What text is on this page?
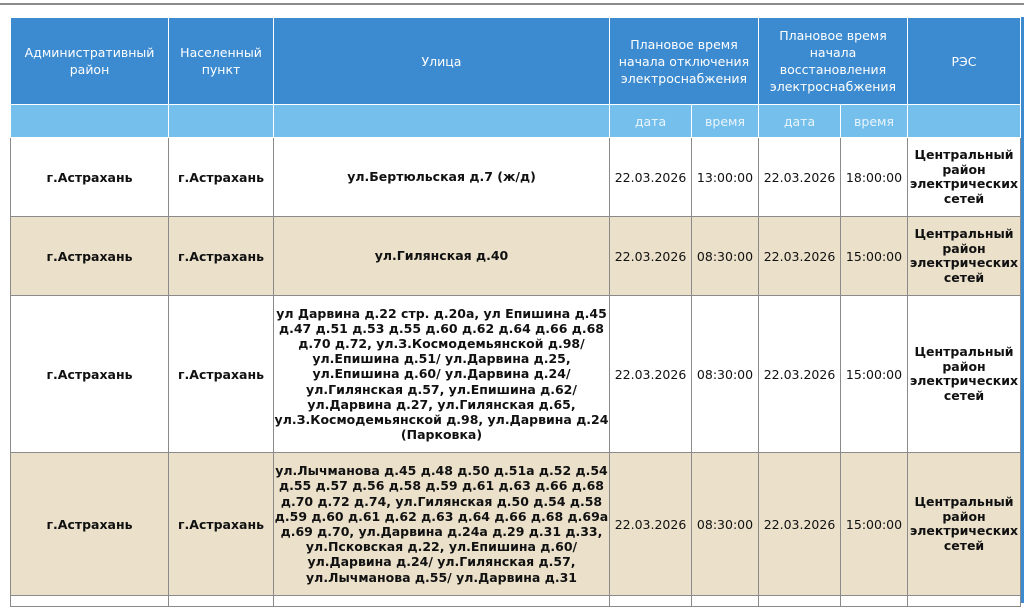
Административный район	Населенный пункт	Улица	Плановое время начала отключения электроснабжения		Плановое время начала восстановления электроснабжения		РЭС
			дата	время	дата	время	
г.Астрахань	г.Астрахань	ул.Бертюльская д.7 (ж/д)	22.03.2026	13:00:00	22.03.2026	18:00:00	Центральный район электрических сетей
г.Астрахань	г.Астрахань	ул.Гилянская д.40	22.03.2026	08:30:00	22.03.2026	15:00:00	Центральный район электрических сетей
г.Астрахань	г.Астрахань	ул Дарвина д.22 стр. д.20а, ул Епишина д.45 д.47 д.51 д.53 д.55 д.60 д.62 д.64 д.66 д.68 д.70 д.72, ул.З.Космодемьянской д.98/ ул.Епишина д.51/ ул.Дарвина д.25, ул.Епишина д.60/ ул.Дарвина д.24/ ул.Гилянская д.57, ул.Епишина д.62/ ул.Дарвина д.27, ул.Гилянская д.65, ул.З.Космодемьянской д.98, ул.Дарвина д.24 (Парковка)	22.03.2026	08:30:00	22.03.2026	15:00:00	Центральный район электрических сетей
г.Астрахань	г.Астрахань	ул.Лычманова д.45 д.48 д.50 д.51а д.52 д.54 д.55 д.57 д.56 д.58 д.59 д.61 д.63 д.66 д.68 д.70 д.72 д.74, ул.Гилянская д.50 д.54 д.58 д.59 д.60 д.61 д.62 д.63 д.64 д.66 д.68 д.69а д.69 д.70, ул.Дарвина д.24а д.29 д.31 д.33, ул.Псковская д.22, ул.Епишина д.60/ ул.Дарвина д.24/ ул.Гилянская д.57, ул.Лычманова д.55/ ул.Дарвина д.31	22.03.2026	08:30:00	22.03.2026	15:00:00	Центральный район электрических сетей
